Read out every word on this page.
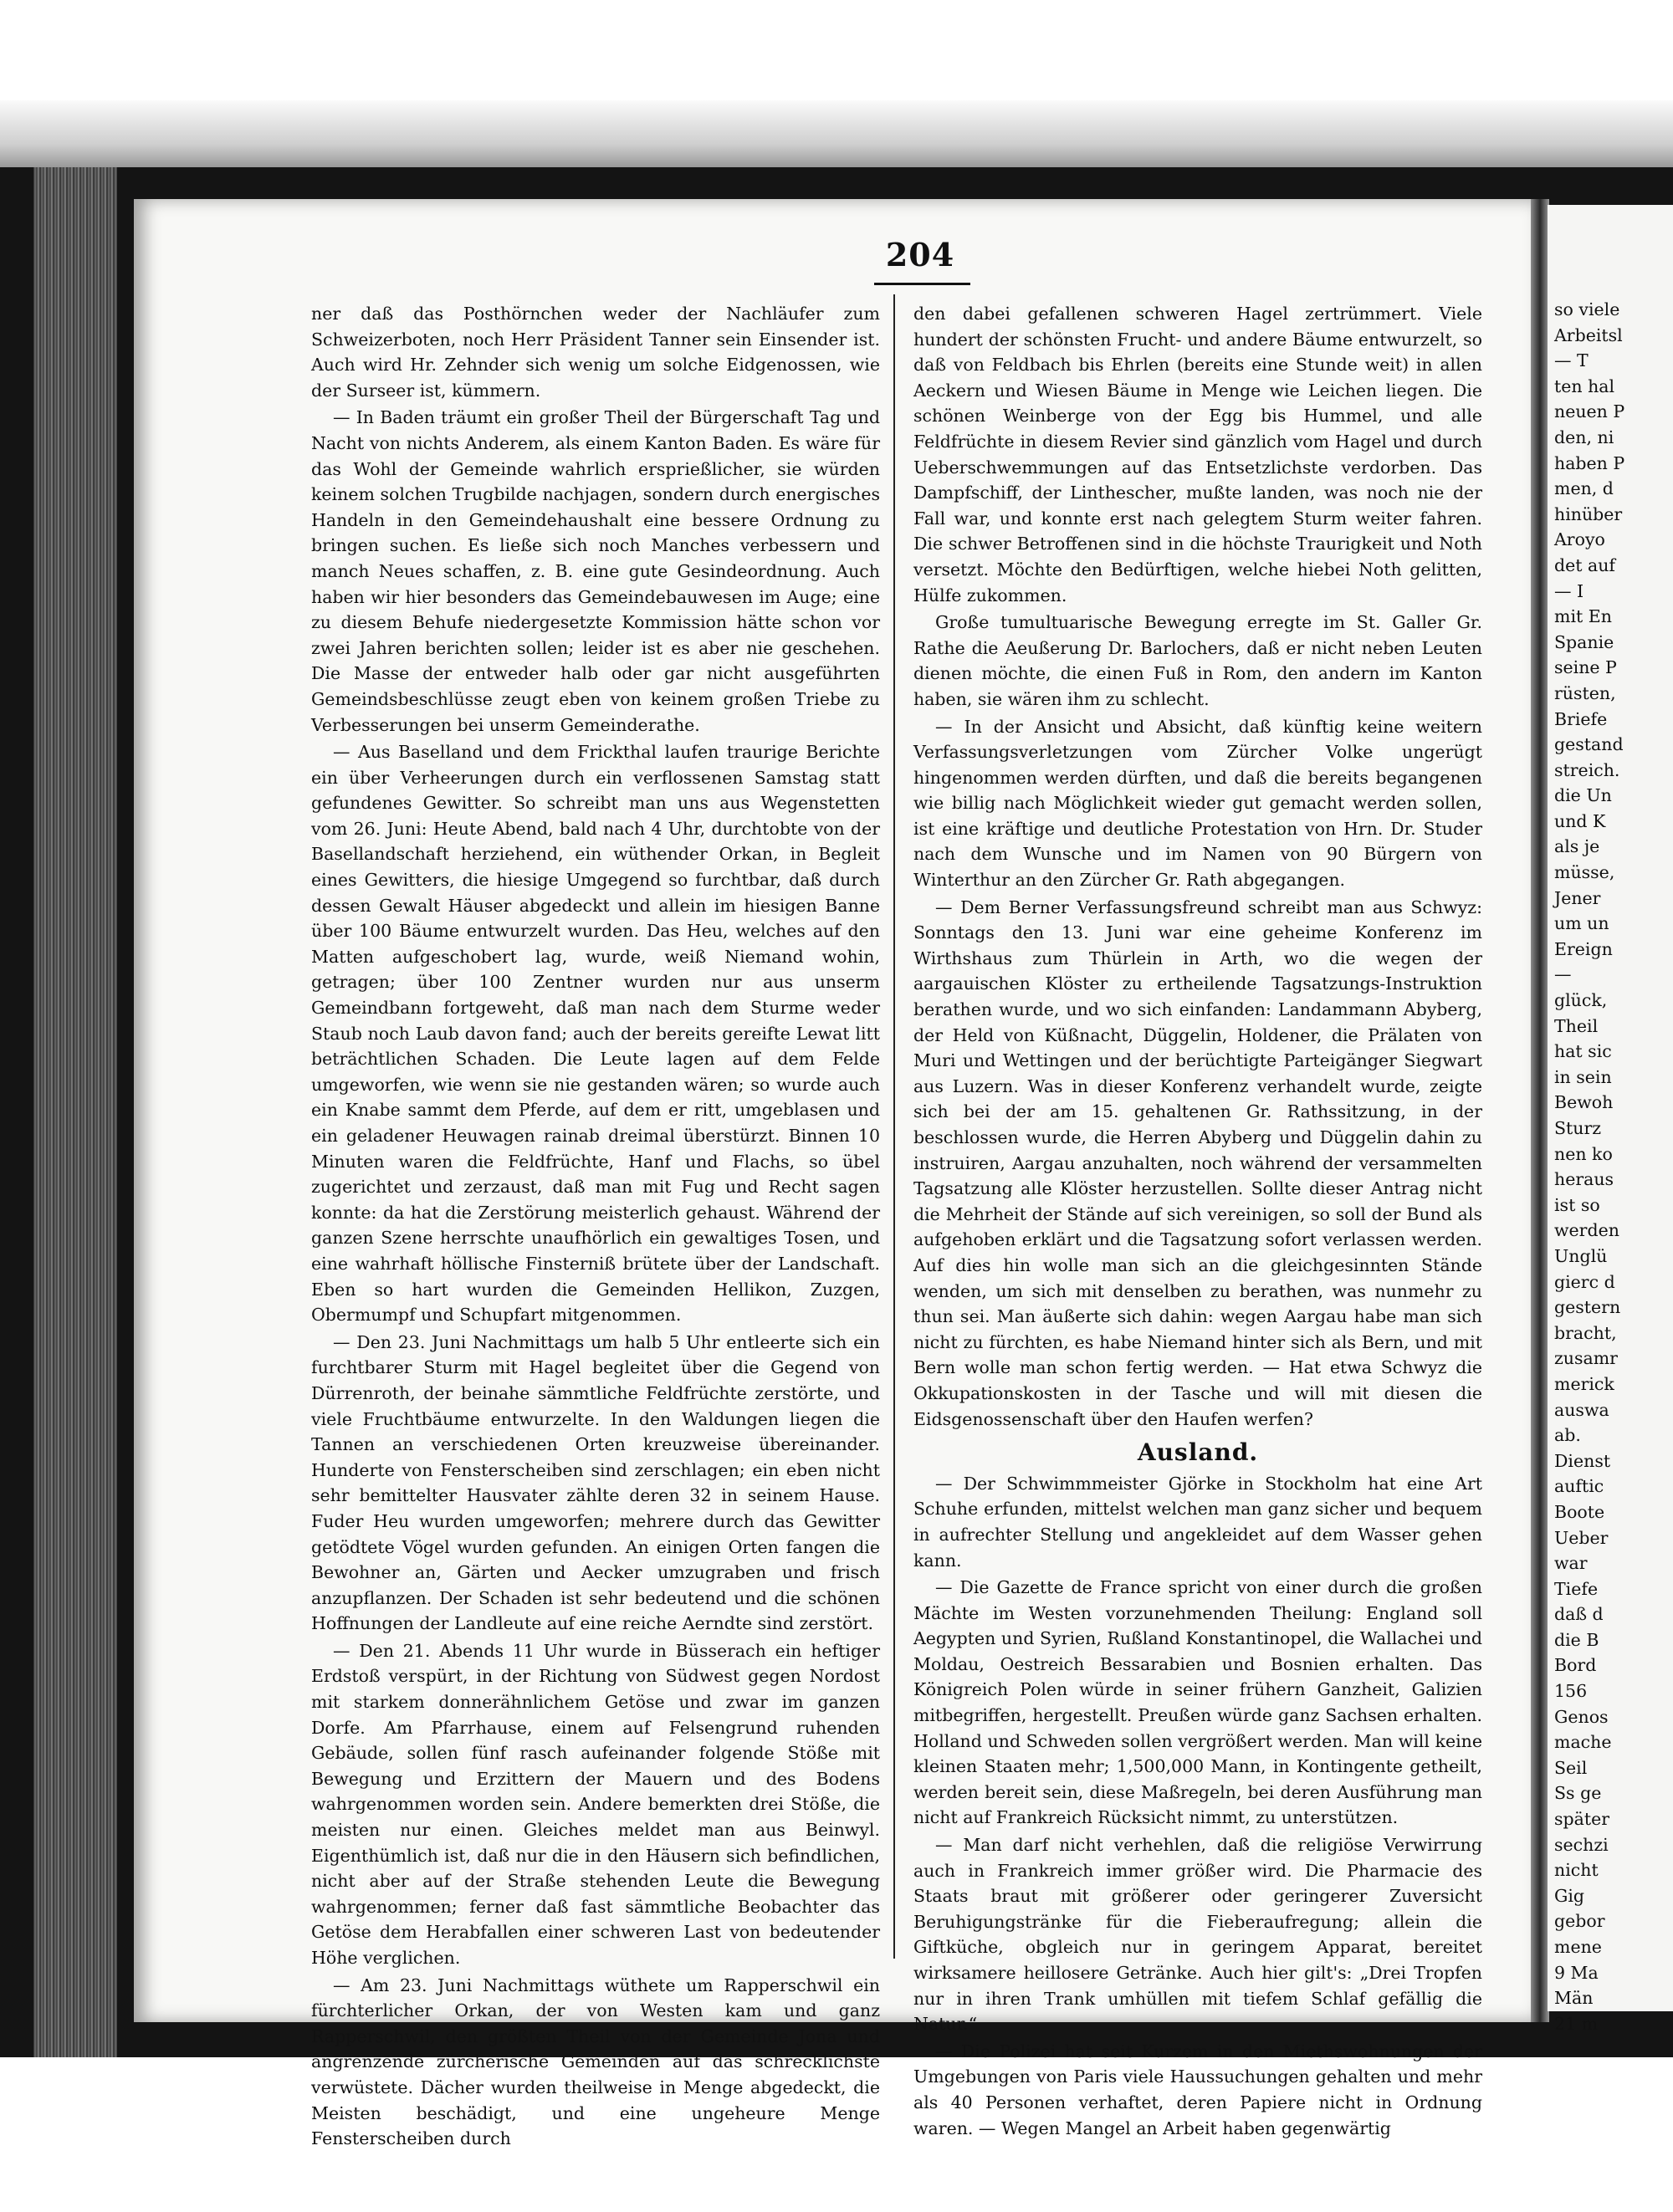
204

ner daß das Posthörnchen weder der Nachläufer zum Schweizerboten, noch Herr Präsident Tanner sein Einsender ist. Auch wird Hr. Zehnder sich wenig um solche Eidgenossen, wie der Surseer ist, kümmern.

— In Baden träumt ein großer Theil der Bürgerschaft Tag und Nacht von nichts Anderem, als einem Kanton Baden. Es wäre für das Wohl der Gemeinde wahrlich ersprießlicher, sie würden keinem solchen Trugbilde nachjagen, sondern durch energisches Handeln in den Gemeindehaushalt eine bessere Ordnung zu bringen suchen. Es ließe sich noch Manches verbessern und manch Neues schaffen, z. B. eine gute Gesindeordnung. Auch haben wir hier besonders das Gemeindebauwesen im Auge; eine zu diesem Behufe niedergesetzte Kommission hätte schon vor zwei Jahren berichten sollen; leider ist es aber nie geschehen. Die Masse der entweder halb oder gar nicht ausgeführten Gemeindsbeschlüsse zeugt eben von keinem großen Triebe zu Verbesserungen bei unserm Gemeinderathe.

— Aus Baselland und dem Frickthal laufen traurige Berichte ein über Verheerungen durch ein verflossenen Samstag statt gefundenes Gewitter. So schreibt man uns aus Wegenstetten vom 26. Juni: Heute Abend, bald nach 4 Uhr, durchtobte von der Basellandschaft herziehend, ein wüthender Orkan, in Begleit eines Gewitters, die hiesige Umgegend so furchtbar, daß durch dessen Gewalt Häuser abgedeckt und allein im hiesigen Banne über 100 Bäume entwurzelt wurden. Das Heu, welches auf den Matten aufgeschobert lag, wurde, weiß Niemand wohin, getragen; über 100 Zentner wurden nur aus unserm Gemeindbann fortgeweht, daß man nach dem Sturme weder Staub noch Laub davon fand; auch der bereits gereifte Lewat litt beträchtlichen Schaden. Die Leute lagen auf dem Felde umgeworfen, wie wenn sie nie gestanden wären; so wurde auch ein Knabe sammt dem Pferde, auf dem er ritt, umgeblasen und ein geladener Heuwagen rainab dreimal überstürzt. Binnen 10 Minuten waren die Feldfrüchte, Hanf und Flachs, so übel zugerichtet und zerzaust, daß man mit Fug und Recht sagen konnte: da hat die Zerstörung meisterlich gehaust. Während der ganzen Szene herrschte unaufhörlich ein gewaltiges Tosen, und eine wahrhaft höllische Finsterniß brütete über der Landschaft. Eben so hart wurden die Gemeinden Hellikon, Zuzgen, Obermumpf und Schupfart mitgenommen.

— Den 23. Juni Nachmittags um halb 5 Uhr entleerte sich ein furchtbarer Sturm mit Hagel begleitet über die Gegend von Dürrenroth, der beinahe sämmtliche Feldfrüchte zerstörte, und viele Fruchtbäume entwurzelte. In den Waldungen liegen die Tannen an verschiedenen Orten kreuzweise übereinander. Hunderte von Fensterscheiben sind zerschlagen; ein eben nicht sehr bemittelter Hausvater zählte deren 32 in seinem Hause. Fuder Heu wurden umgeworfen; mehrere durch das Gewitter getödtete Vögel wurden gefunden. An einigen Orten fangen die Bewohner an, Gärten und Aecker umzugraben und frisch anzupflanzen. Der Schaden ist sehr bedeutend und die schönen Hoffnungen der Landleute auf eine reiche Aerndte sind zerstört.

— Den 21. Abends 11 Uhr wurde in Büsserach ein heftiger Erdstoß verspürt, in der Richtung von Südwest gegen Nordost mit starkem donnerähnlichem Getöse und zwar im ganzen Dorfe. Am Pfarrhause, einem auf Felsengrund ruhenden Gebäude, sollen fünf rasch aufeinander folgende Stöße mit Bewegung und Erzittern der Mauern und des Bodens wahrgenommen worden sein. Andere bemerkten drei Stöße, die meisten nur einen. Gleiches meldet man aus Beinwyl. Eigenthümlich ist, daß nur die in den Häusern sich befindlichen, nicht aber auf der Straße stehenden Leute die Bewegung wahrgenommen; ferner daß fast sämmtliche Beobachter das Getöse dem Herabfallen einer schweren Last von bedeutender Höhe verglichen.

— Am 23. Juni Nachmittags wüthete um Rapperschwil ein fürchterlicher Orkan, der von Westen kam und ganz Rapperschwil, den größten Theil von der Gemeinde Jona und angrenzende zürcherische Gemeinden auf das schrecklichste verwüstete. Dächer wurden theilweise in Menge abgedeckt, die Meisten beschädigt, und eine ungeheure Menge Fensterscheiben durch

den dabei gefallenen schweren Hagel zertrümmert. Viele hundert der schönsten Frucht- und andere Bäume entwurzelt, so daß von Feldbach bis Ehrlen (bereits eine Stunde weit) in allen Aeckern und Wiesen Bäume in Menge wie Leichen liegen. Die schönen Weinberge von der Egg bis Hummel, und alle Feldfrüchte in diesem Revier sind gänzlich vom Hagel und durch Ueberschwemmungen auf das Entsetzlichste verdorben. Das Dampfschiff, der Linthescher, mußte landen, was noch nie der Fall war, und konnte erst nach gelegtem Sturm weiter fahren. Die schwer Betroffenen sind in die höchste Traurigkeit und Noth versetzt. Möchte den Bedürftigen, welche hiebei Noth gelitten, Hülfe zukommen.

Große tumultuarische Bewegung erregte im St. Galler Gr. Rathe die Aeußerung Dr. Barlochers, daß er nicht neben Leuten dienen möchte, die einen Fuß in Rom, den andern im Kanton haben, sie wären ihm zu schlecht.

— In der Ansicht und Absicht, daß künftig keine weitern Verfassungsverletzungen vom Zürcher Volke ungerügt hingenommen werden dürften, und daß die bereits begangenen wie billig nach Möglichkeit wieder gut gemacht werden sollen, ist eine kräftige und deutliche Protestation von Hrn. Dr. Studer nach dem Wunsche und im Namen von 90 Bürgern von Winterthur an den Zürcher Gr. Rath abgegangen.

— Dem Berner Verfassungsfreund schreibt man aus Schwyz: Sonntags den 13. Juni war eine geheime Konferenz im Wirthshaus zum Thürlein in Arth, wo die wegen der aargauischen Klöster zu ertheilende Tagsatzungs-Instruktion berathen wurde, und wo sich einfanden: Landammann Abyberg, der Held von Küßnacht, Düggelin, Holdener, die Prälaten von Muri und Wettingen und der berüchtigte Parteigänger Siegwart aus Luzern. Was in dieser Konferenz verhandelt wurde, zeigte sich bei der am 15. gehaltenen Gr. Rathssitzung, in der beschlossen wurde, die Herren Abyberg und Düggelin dahin zu instruiren, Aargau anzuhalten, noch während der versammelten Tagsatzung alle Klöster herzustellen. Sollte dieser Antrag nicht die Mehrheit der Stände auf sich vereinigen, so soll der Bund als aufgehoben erklärt und die Tagsatzung sofort verlassen werden. Auf dies hin wolle man sich an die gleichgesinnten Stände wenden, um sich mit denselben zu berathen, was nunmehr zu thun sei. Man äußerte sich dahin: wegen Aargau habe man sich nicht zu fürchten, es habe Niemand hinter sich als Bern, und mit Bern wolle man schon fertig werden. — Hat etwa Schwyz die Okkupationskosten in der Tasche und will mit diesen die Eidsgenossenschaft über den Haufen werfen?

Ausland.

— Der Schwimmmeister Gjörke in Stockholm hat eine Art Schuhe erfunden, mittelst welchen man ganz sicher und bequem in aufrechter Stellung und angekleidet auf dem Wasser gehen kann.

— Die Gazette de France spricht von einer durch die großen Mächte im Westen vorzunehmenden Theilung: England soll Aegypten und Syrien, Rußland Konstantinopel, die Wallachei und Moldau, Oestreich Bessarabien und Bosnien erhalten. Das Königreich Polen würde in seiner frühern Ganzheit, Galizien mitbegriffen, hergestellt. Preußen würde ganz Sachsen erhalten. Holland und Schweden sollen vergrößert werden. Man will keine kleinen Staaten mehr; 1,500,000 Mann, in Kontingente getheilt, werden bereit sein, diese Maßregeln, bei deren Ausführung man nicht auf Frankreich Rücksicht nimmt, zu unterstützen.

— Man darf nicht verhehlen, daß die religiöse Verwirrung auch in Frankreich immer größer wird. Die Pharmacie des Staats braut mit größerer oder geringerer Zuversicht Beruhigungstränke für die Fieberaufregung; allein die Giftküche, obgleich nur in geringem Apparat, bereitet wirksamere heillosere Getränke. Auch hier gilt's: „Drei Tropfen nur in ihren Trank umhüllen mit tiefem Schlaf gefällig die Natur.“

— Die Polizei hat seit Kurzem in den Miethswohnungen der Umgebungen von Paris viele Haussuchungen gehalten und mehr als 40 Personen verhaftet, deren Papiere nicht in Ordnung waren. — Wegen Mangel an Arbeit haben gegenwärtig

so viele
Arbeitsl
— T
ten hal
neuen P
den, ni
haben P
men, d
hinüber
Aroyo
det auf
— I
mit En
Spanie
seine P
rüsten,
Briefe
gestand
streich.
die Un
und K
als je
müsse,
Jener
um un
Ereign
—
glück,
Theil
hat sic
in sein
Bewoh
Sturz
nen ko
heraus
ist so
werden
Unglü
gierc d
gestern
bracht,
zusamr
merick
auswa
ab.
Dienst
auftic
Boote
Ueber
war
Tiefe
daß d
die B
Bord
156
Genos
mache
Seil
Ss ge
später
sechzi
nicht
Gig
gebor
mene
9 Ma
Män
21 m
